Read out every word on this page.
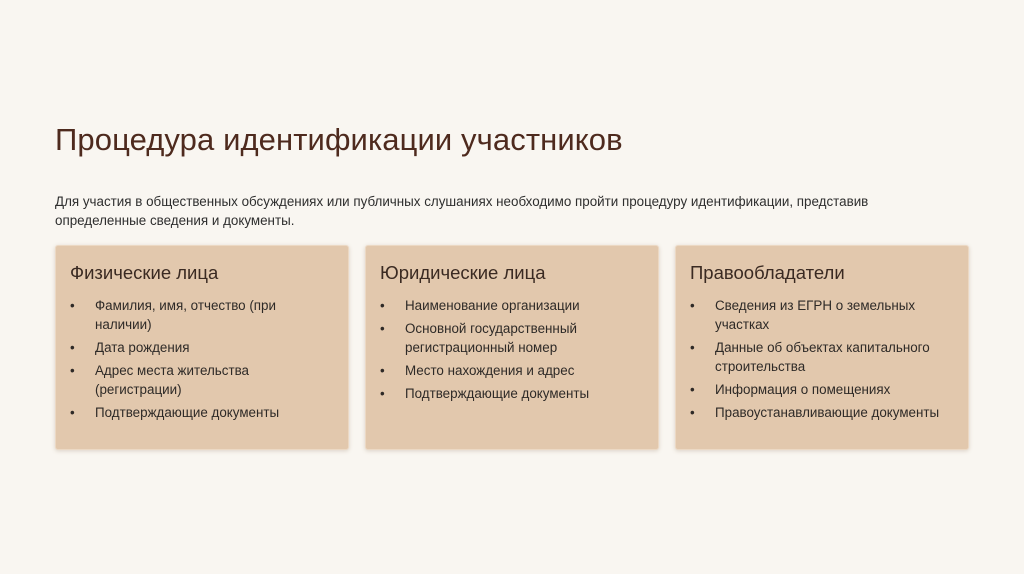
Процедура идентификации участников

Для участия в общественных обсуждениях или публичных слушаниях необходимо пройти процедуру идентификации, представив определенные сведения и документы.

Физические лица
• Фамилия, имя, отчество (при наличии)
• Дата рождения
• Адрес места жительства (регистрации)
• Подтверждающие документы
Юридические лица
• Наименование организации
• Основной государственный регистрационный номер
• Место нахождения и адрес
• Подтверждающие документы
Правообладатели
• Сведения из ЕГРН о земельных участках
• Данные об объектах капитального строительства
• Информация о помещениях
• Правоустанавливающие документы
